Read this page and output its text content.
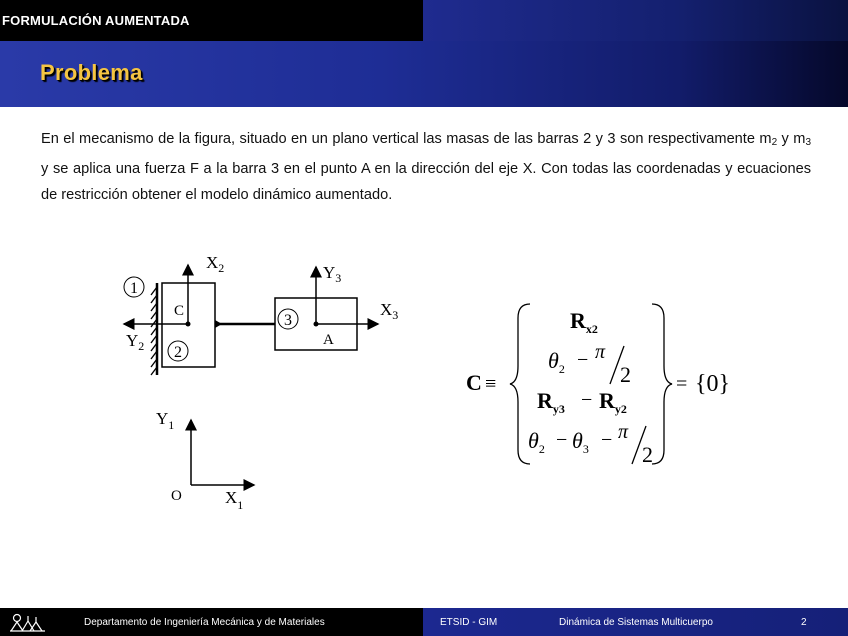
FORMULACIÓN AUMENTADA
Problema
En el mecanismo de la figura, situado en un plano vertical las masas de las barras 2 y 3 son respectivamente $m_2$ y $m_3$ y se aplica una fuerza F a la barra 3 en el punto A en la dirección del eje X. Con todas las coordenadas y ecuaciones de restricción obtener el modelo dinámico aumentado.
1
2
3
C
A
$X_2$
$Y_2$
$Y_3$
$X_3$
$Y_1$
O	$X_1$
C ≡
$R_{x2}$
$\theta_2 - \pi$
2
$R_{y3} - R_{y2}$
$\theta_2 - \theta_3 - \pi$
2
= {0}
Departamento de Ingeniería Mecánica y de Materiales	ETSID - GIM	Dinámica de Sistemas Multicuerpo	2
